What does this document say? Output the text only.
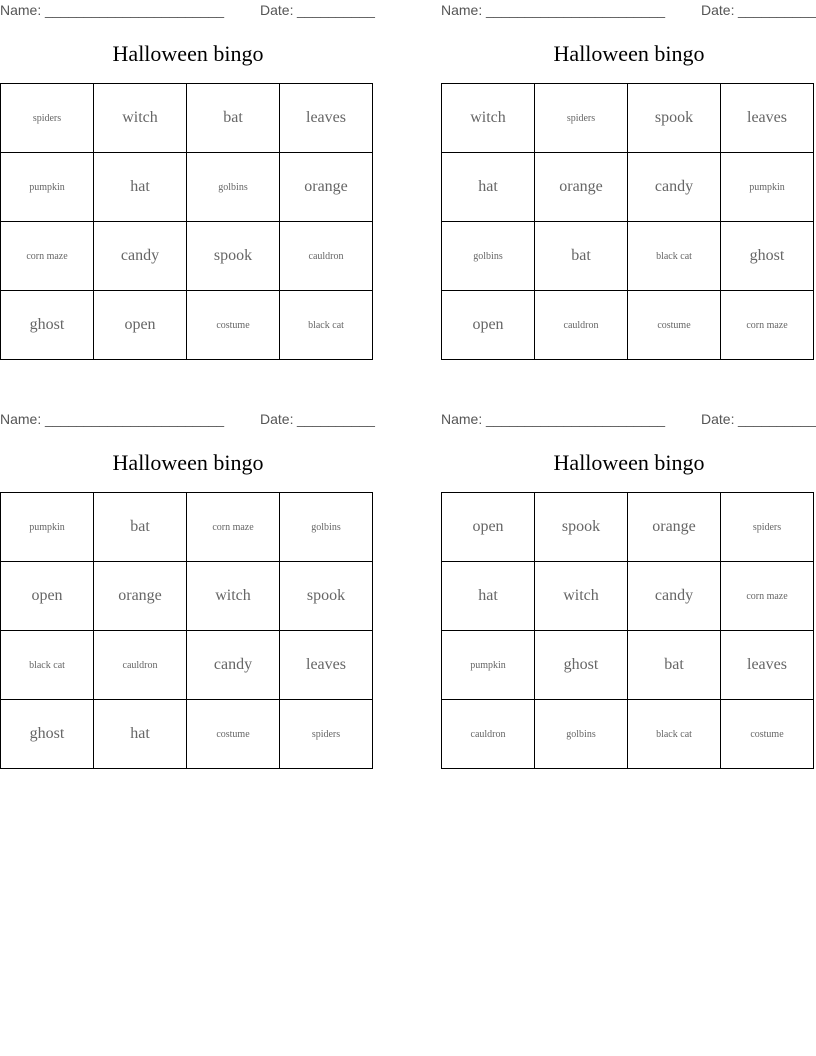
Name: _______________________	Date: __________
Halloween bingo
spiders	witch	bat	leaves
pumpkin	hat	golbins	orange
corn maze	candy	spook	cauldron
ghost	open	costume	black cat
Name: _______________________	Date: __________
Halloween bingo
witch	spiders	spook	leaves
hat	orange	candy	pumpkin
golbins	bat	black cat	ghost
open	cauldron	costume	corn maze
Name: _______________________	Date: __________
Halloween bingo
pumpkin	bat	corn maze	golbins
open	orange	witch	spook
black cat	cauldron	candy	leaves
ghost	hat	costume	spiders
Name: _______________________	Date: __________
Halloween bingo
open	spook	orange	spiders
hat	witch	candy	corn maze
pumpkin	ghost	bat	leaves
cauldron	golbins	black cat	costume
